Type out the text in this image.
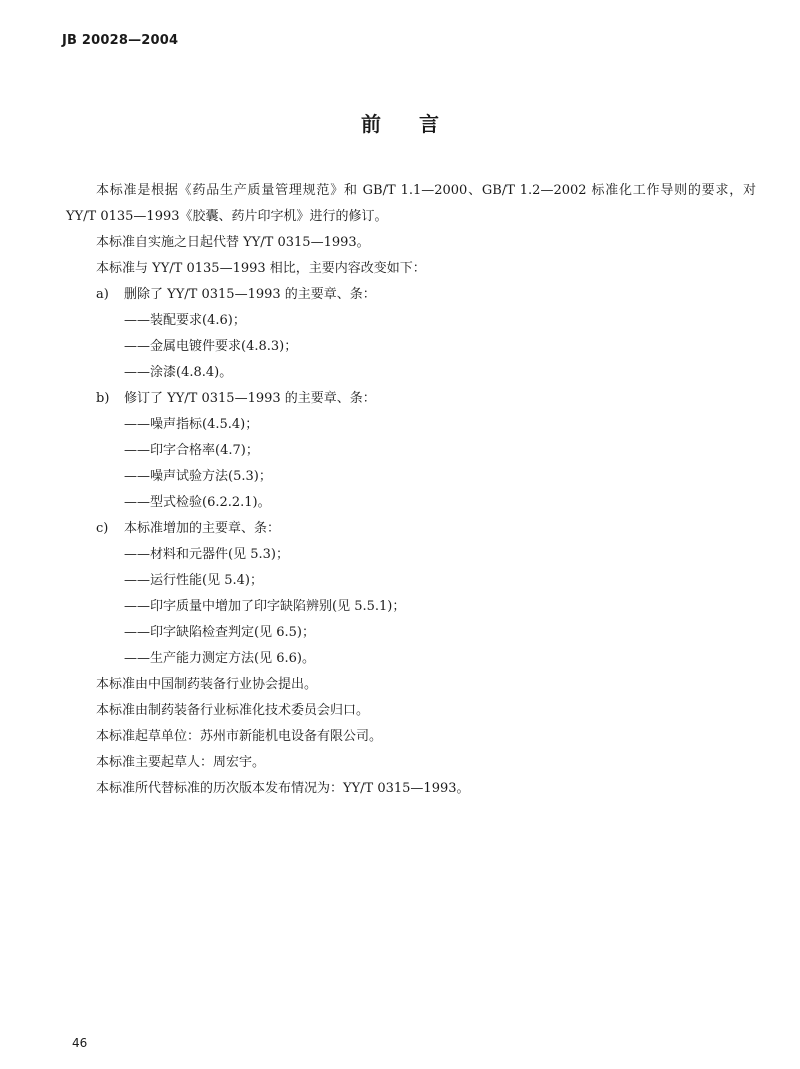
JB 20028—2004
前言

本标准是根据《药品生产质量管理规范》和 GB/T 1.1—2000、GB/T 1.2—2002 标准化工作导则的要求，对 YY/T 0135—1993《胶囊、药片印字机》进行的修订。

本标准自实施之日起代替 YY/T 0315—1993。

本标准与 YY/T 0135—1993 相比，主要内容改变如下：

a) 删除了 YY/T 0315—1993 的主要章、条：

——装配要求(4.6)；

——金属电镀件要求(4.8.3)；

——涂漆(4.8.4)。

b) 修订了 YY/T 0315—1993 的主要章、条：

——噪声指标(4.5.4)；

——印字合格率(4.7)；

——噪声试验方法(5.3)；

——型式检验(6.2.2.1)。

c) 本标准增加的主要章、条：

——材料和元器件(见 5.3)；

——运行性能(见 5.4)；

——印字质量中增加了印字缺陷辨别(见 5.5.1)；

——印字缺陷检查判定(见 6.5)；

——生产能力测定方法(见 6.6)。

本标准由中国制药装备行业协会提出。

本标准由制药装备行业标准化技术委员会归口。

本标准起草单位：苏州市新能机电设备有限公司。

本标准主要起草人：周宏宇。

本标准所代替标准的历次版本发布情况为：YY/T 0315—1993。

46
